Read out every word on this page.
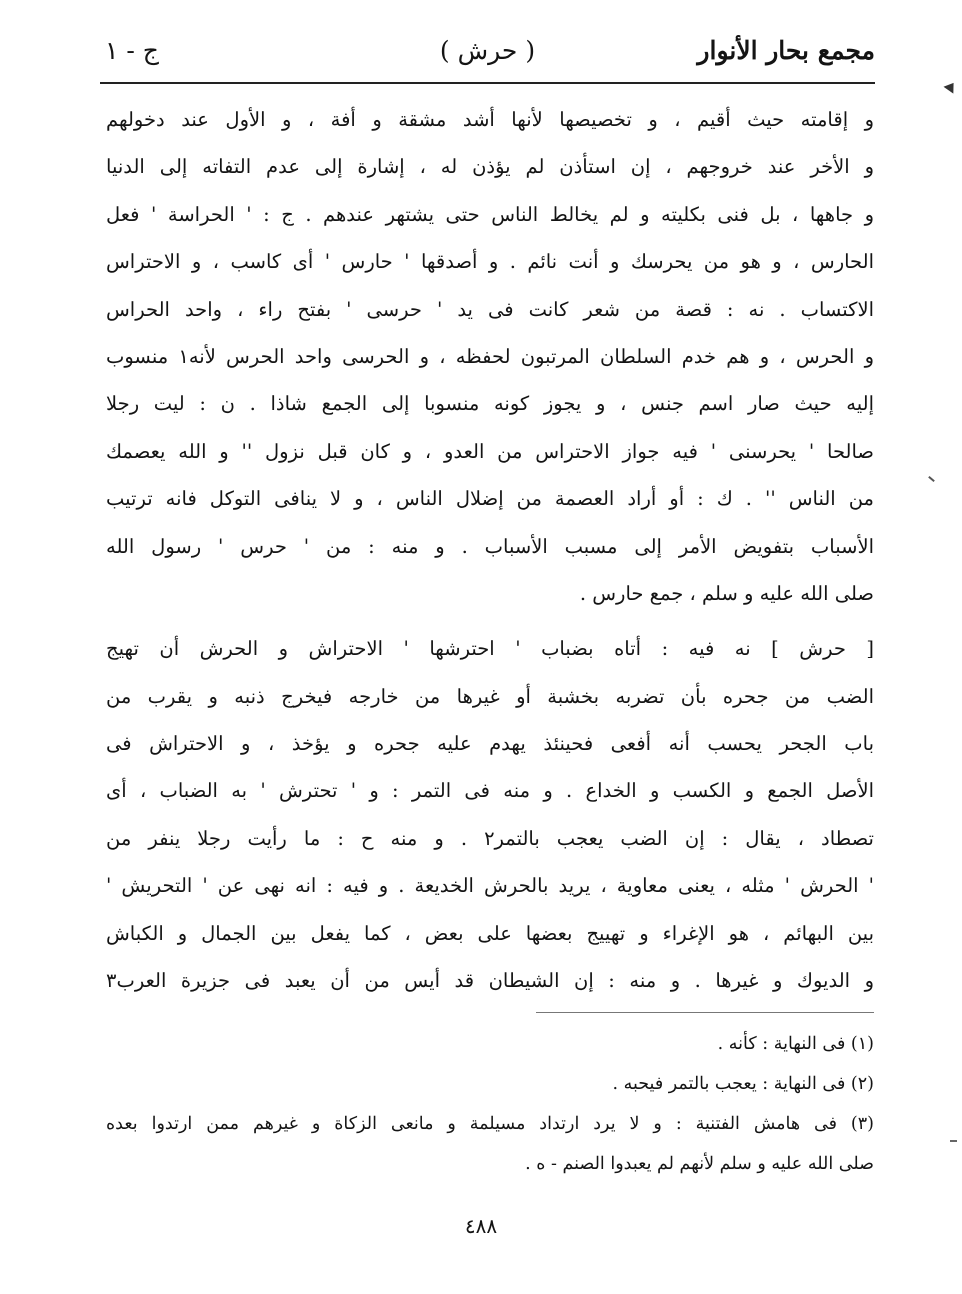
مجمع بحار الأنوار
( حرش )
ج - ١
و إقامته حيث أقيم ، و تخصيصها لأنها أشد مشقة و أفة ، و الأول عند دخولهم
و الأخر عند خروجهم ، إن استأذن لم يؤذن له ، إشارة إلى عدم التفاته إلى الدنيا
و جاهها ، بل فنى بكليته و لم يخالط الناس حتى يشتهر عندهم . ج : ' الحراسة ' فعل
الحارس ، و هو من يحرسك و أنت نائم . و أصدقها ' حارس ' أى كاسب ، و الاحتراس
الاكتساب . نه : قصة من شعر كانت فى يد ' حرسى ' بفتح راء ، واحد الحراس
و الحرس ، و هم خدم السلطان المرتبون لحفظه ، و الحرسى واحد الحرس لأنه١ منسوب
إليه حيث صار اسم جنس ، و يجوز كونه منسوبا إلى الجمع شاذا . ن : ليت رجلا
صالحا ' يحرسنى ' فيه جواز الاحتراس من العدو ، و كان قبل نزول '' و الله يعصمك
من الناس '' . ك : أو أراد العصمة من إضلال الناس ، و لا ينافى التوكل فانه ترتيب
الأسباب بتفويض الأمر إلى مسبب الأسباب . و منه : من ' حرس ' رسول الله
صلى الله عليه و سلم ، جمع حارس .
[ حرش ] نه فيه : أتاه بضباب ' احترشها ' الاحتراش و الحرش أن تهيج
الضب من جحره بأن تضربه بخشبة أو غيرها من خارجه فيخرج ذنبه و يقرب من
باب الجحر يحسب أنه أفعى فحينئذ يهدم عليه جحره و يؤخذ ، و الاحتراش فى
الأصل الجمع و الكسب و الخداع . و منه فى التمر : و ' تحترش ' به الضباب ، أى
تصطاد ، يقال : إن الضب يعجب بالتمر٢ . و منه ح : ما رأيت رجلا ينفر من
' الحرش ' مثله ، يعنى معاوية ، يريد بالحرش الخديعة . و فيه : انه نهى عن ' التحريش '
بين البهائم ، هو الإغراء و تهييج بعضها على بعض ، كما يفعل بين الجمال و الكباش
و الديوك و غيرها . و منه : إن الشيطان قد أيس من أن يعبد فى جزيرة العرب٣
(١) فى النهاية : كأنه .
(٢) فى النهاية : يعجب بالتمر فيحبه .
(٣) فى هامش الفتنية : و لا يرد ارتداد مسيلمة و مانعى الزكاة و غيرهم ممن ارتدوا بعده
صلى الله عليه و سلم لأنهم لم يعبدوا الصنم - ه .
٤٨٨
